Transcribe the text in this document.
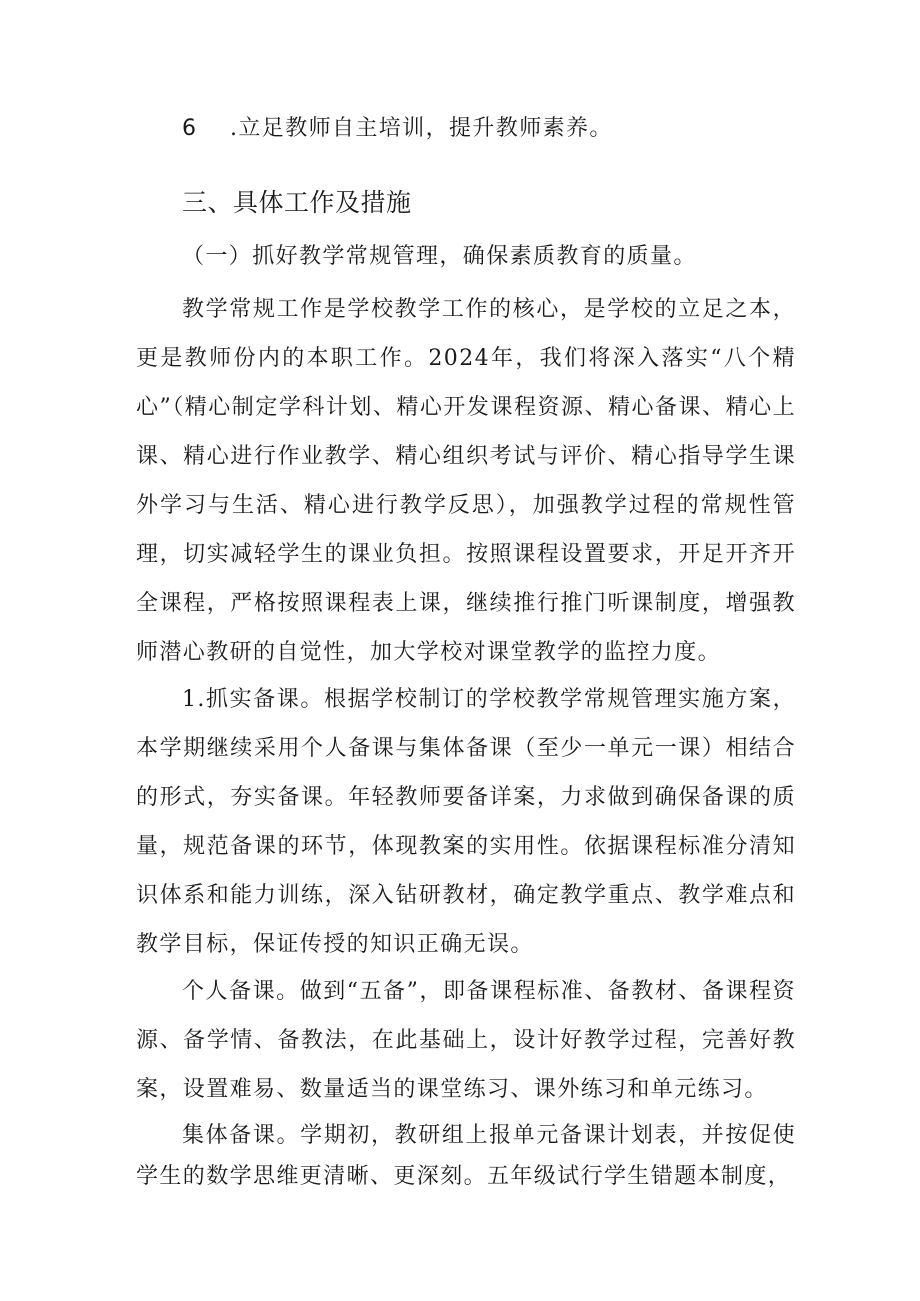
6 .立足教师自主培训，提升教师素养。
三、具体工作及措施
（一）抓好教学常规管理，确保素质教育的质量。

教学常规工作是学校教学工作的核心，是学校的立足之本，更是教师份内的本职工作。2024年，我们将深入落实“八个精心”（精心制定学科计划、精心开发课程资源、精心备课、精心上课、精心进行作业教学、精心组织考试与评价、精心指导学生课外学习与生活、精心进行教学反思），加强教学过程的常规性管理，切实减轻学生的课业负担。按照课程设置要求，开足开齐开全课程，严格按照课程表上课，继续推行推门听课制度，增强教师潜心教研的自觉性，加大学校对课堂教学的监控力度。

1.抓实备课。根据学校制订的学校教学常规管理实施方案，本学期继续采用个人备课与集体备课（至少一单元一课）相结合的形式，夯实备课。年轻教师要备详案，力求做到确保备课的质量，规范备课的环节，体现教案的实用性。依据课程标准分清知识体系和能力训练，深入钻研教材，确定教学重点、教学难点和教学目标，保证传授的知识正确无误。

个人备课。做到“五备”，即备课程标准、备教材、备课程资源、备学情、备教法，在此基础上，设计好教学过程，完善好教案，设置难易、数量适当的课堂练习、课外练习和单元练习。

集体备课。学期初，教研组上报单元备课计划表，并按促使学生的数学思维更清晰、更深刻。五年级试行学生错题本制度，
